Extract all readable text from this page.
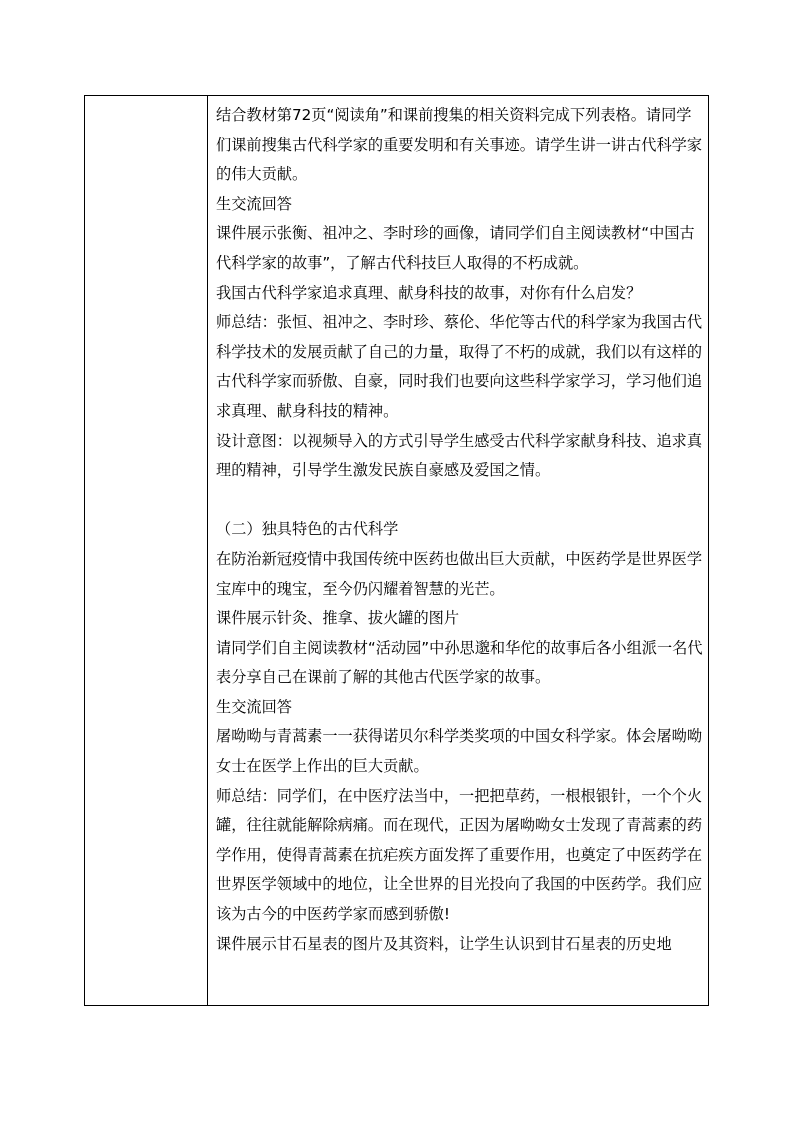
结合教材第72页“阅读角”和课前搜集的相关资料完成下列表格。请同学们课前搜集古代科学家的重要发明和有关事迹。请学生讲一讲古代科学家的伟大贡献。

生交流回答

课件展示张衡、祖冲之、李时珍的画像，请同学们自主阅读教材“中国古代科学家的故事”，了解古代科技巨人取得的不朽成就。

我国古代科学家追求真理、献身科技的故事，对你有什么启发？

师总结：张恒、祖冲之、李时珍、蔡伦、华佗等古代的科学家为我国古代科学技术的发展贡献了自己的力量，取得了不朽的成就，我们以有这样的古代科学家而骄傲、自豪，同时我们也要向这些科学家学习，学习他们追求真理、献身科技的精神。

设计意图：以视频导入的方式引导学生感受古代科学家献身科技、追求真理的精神，引导学生激发民族自豪感及爱国之情。

（二）独具特色的古代科学

在防治新冠疫情中我国传统中医药也做出巨大贡献，中医药学是世界医学宝库中的瑰宝，至今仍闪耀着智慧的光芒。

课件展示针灸、推拿、拔火罐的图片

请同学们自主阅读教材“活动园”中孙思邈和华佗的故事后各小组派一名代表分享自己在课前了解的其他古代医学家的故事。

生交流回答

屠呦呦与青蒿素一一获得诺贝尔科学类奖项的中国女科学家。体会屠呦呦女士在医学上作出的巨大贡献。

师总结：同学们，在中医疗法当中，一把把草药，一根根银针，一个个火罐，往往就能解除病痛。而在现代，正因为屠呦呦女士发现了青蒿素的药学作用，使得青蒿素在抗疟疾方面发挥了重要作用，也奠定了中医药学在世界医学领域中的地位，让全世界的目光投向了我国的中医药学。我们应该为古今的中医药学家而感到骄傲!

课件展示甘石星表的图片及其资料，让学生认识到甘石星表的历史地
